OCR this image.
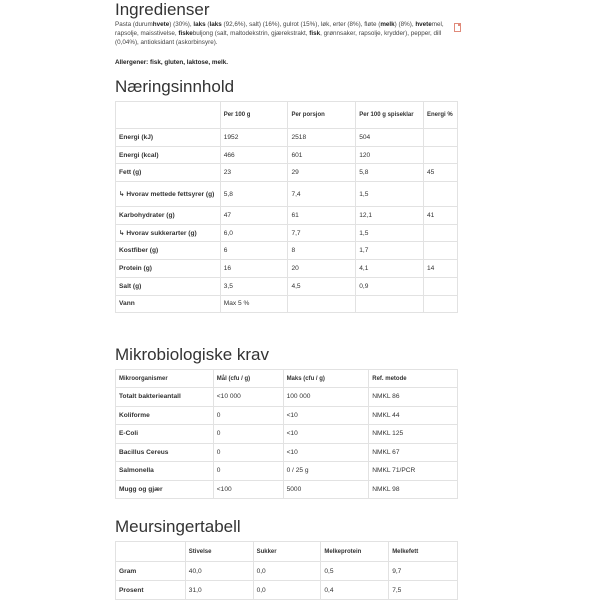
Ingredienser
Pasta (durumhvete) (30%), laks (laks (92,6%), salt) (16%), gulrot (15%), løk, erter (8%), fløte (melk) (8%), hvetemel, rapsolje, maisstivelse, fiskebuljong (salt, maltodekstrin, gjærekstrakt, fisk, grønnsaker, rapsolje, krydder), pepper, dill (0,04%), antioksidant (askorbinsyre).
Allergener: fisk, gluten, laktose, melk.
Næringsinnhold
	Per 100 g	Per porsjon	Per 100 g spiseklar	Energi %
Energi (kJ)	1952	2518	504	
Energi (kcal)	466	601	120	
Fett (g)	23	29	5,8	45
↳ Hvorav mettede fettsyrer (g)	5,8	7,4	1,5	
Karbohydrater (g)	47	61	12,1	41
↳ Hvorav sukkerarter (g)	6,0	7,7	1,5	
Kostfiber (g)	6	8	1,7	
Protein (g)	16	20	4,1	14
Salt (g)	3,5	4,5	0,9	
Vann	Max 5 %			
Mikrobiologiske krav
Mikroorganismer	Mål (cfu / g)	Maks (cfu / g)	Ref. metode
Totalt bakterieantall	<10 000	100 000	NMKL 86
Koliforme	0	<10	NMKL 44
E-Coli	0	<10	NMKL 125
Bacillus Cereus	0	<10	NMKL 67
Salmonella	0	0 / 25 g	NMKL 71/PCR
Mugg og gjær	<100	5000	NMKL 98
Meursingertabell
	Stivelse	Sukker	Melkeprotein	Melkefett
Gram	40,0	0,0	0,5	9,7
Prosent	31,0	0,0	0,4	7,5
